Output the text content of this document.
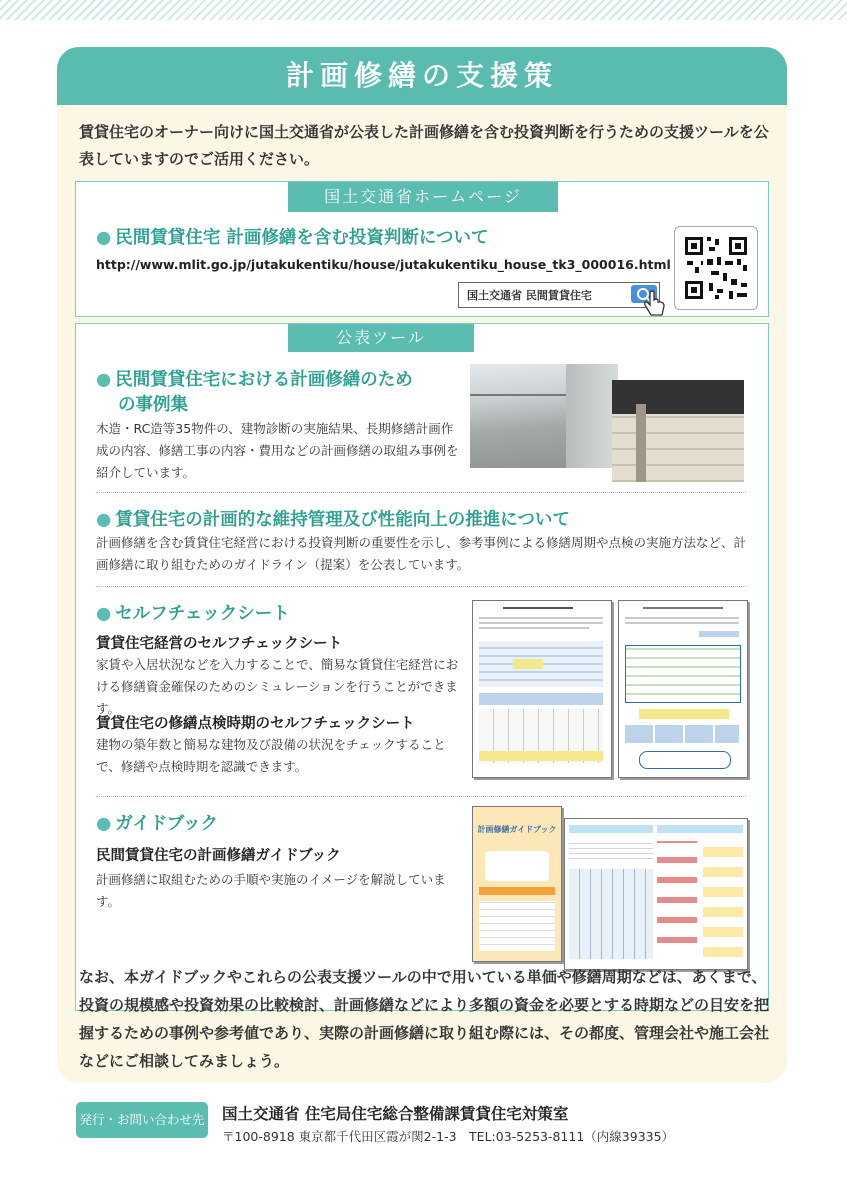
計画修繕の支援策
賃貸住宅のオーナー向けに国土交通省が公表した計画修繕を含む投資判断を行うための支援ツールを公表していますのでご活用ください。
国土交通省ホームページ
● 民間賃貸住宅 計画修繕を含む投資判断について
http://www.mlit.go.jp/jutakukentiku/house/jutakukentiku_house_tk3_000016.html
国土交通省 民間賃貸住宅
公表ツール
● 民間賃貸住宅における計画修繕のため
の事例集
木造・RC造等35物件の、建物診断の実施結果、長期修繕計画作成の内容、修繕工事の内容・費用などの計画修繕の取組み事例を紹介しています。
● 賃貸住宅の計画的な維持管理及び性能向上の推進について
計画修繕を含む賃貸住宅経営における投資判断の重要性を示し、参考事例による修繕周期や点検の実施方法など、計画修繕に取り組むためのガイドライン（提案）を公表しています。
● セルフチェックシート
賃貸住宅経営のセルフチェックシート
家賃や入居状況などを入力することで、簡易な賃貸住宅経営における修繕資金確保のためのシミュレーションを行うことができます。
賃貸住宅の修繕点検時期のセルフチェックシート
建物の築年数と簡易な建物及び設備の状況をチェックすることで、修繕や点検時期を認識できます。
● ガイドブック
民間賃貸住宅の計画修繕ガイドブック
計画修繕に取組むための手順や実施のイメージを解説しています。
計画修繕ガイドブック
なお、本ガイドブックやこれらの公表支援ツールの中で用いている単価や修繕周期などは、あくまで、投資の規模感や投資効果の比較検討、計画修繕などにより多額の資金を必要とする時期などの目安を把握するための事例や参考値であり、実際の計画修繕に取り組む際には、その都度、管理会社や施工会社などにご相談してみましょう。
発行・お問い合わせ先 国土交通省 住宅局住宅総合整備課賃貸住宅対策室
〒100-8918 東京都千代田区霞が関2-1-3　TEL:03-5253-8111（内線39335）
